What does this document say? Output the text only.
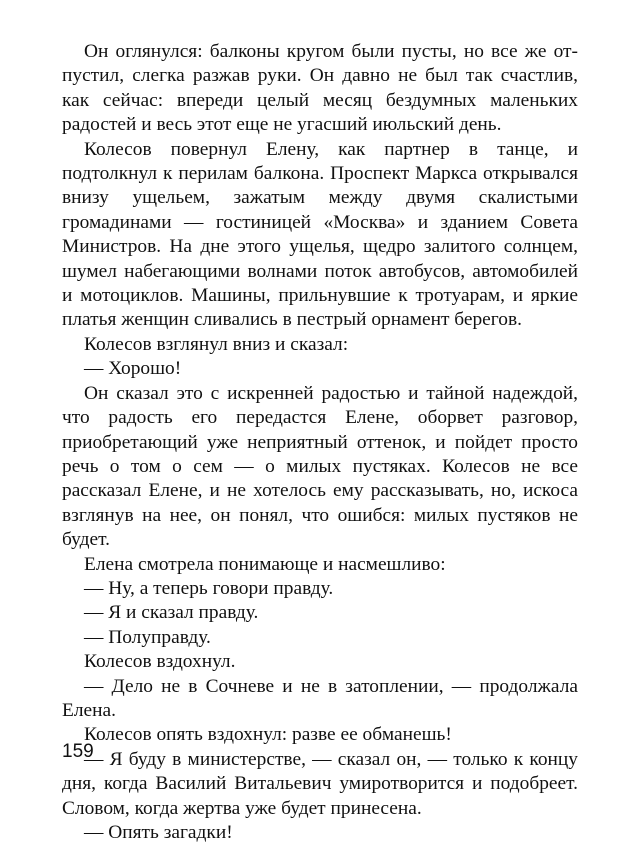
Он оглянулся: балконы кругом были пусты, но все же отпустил, слегка разжав руки. Он давно не был так счастлив, как сейчас: впереди целый месяц бездумных маленьких радостей и весь этот еще не угасший июльский день.

Колесов повернул Елену, как партнер в танце, и подтолкнул к перилам балкона. Проспект Маркса открывался внизу ущельем, зажатым между двумя скалистыми громадинами — гостиницей «Москва» и зданием Совета Министров. На дне этого ущелья, щедро залитого солнцем, шумел набегающими волнами поток автобусов, автомобилей и мотоциклов. Машины, прильнувшие к тротуарам, и яркие платья женщин сливались в пестрый орнамент берегов.

Колесов взглянул вниз и сказал:

— Хорошо!

Он сказал это с искренней радостью и тайной надеждой, что радость его передастся Елене, оборвет разговор, приобретающий уже неприятный оттенок, и пойдет просто речь о том о сем — о милых пустяках. Колесов не все рассказал Елене, и не хотелось ему рассказывать, но, искоса взглянув на нее, он понял, что ошибся: милых пустяков не будет.

Елена смотрела понимающе и насмешливо:

— Ну, а теперь говори правду.

— Я и сказал правду.

— Полуправду.

Колесов вздохнул.

— Дело не в Сочневе и не в затоплении, — продолжала Елена.

Колесов опять вздохнул: разве ее обманешь!

— Я буду в министерстве, — сказал он, — только к концу дня, когда Василий Витальевич умиротворится и подобреет. Словом, когда жертва уже будет принесена.

— Опять загадки!

159
